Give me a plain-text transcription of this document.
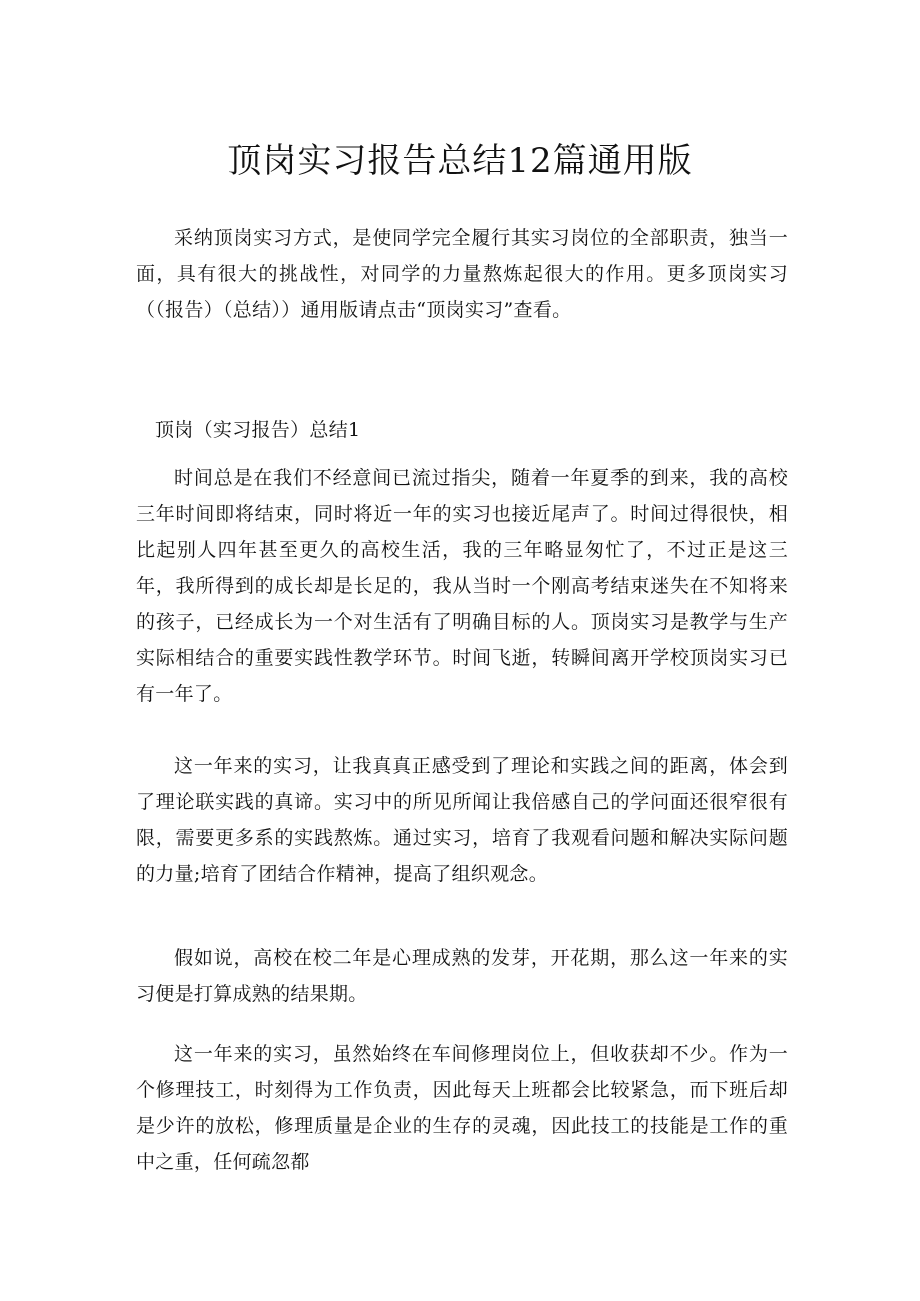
顶岗实习报告总结12篇通用版

采纳顶岗实习方式，是使同学完全履行其实习岗位的全部职责，独当一面，具有很大的挑战性，对同学的力量熬炼起很大的作用。更多顶岗实习（（报告）（总结））通用版请点击“顶岗实习”查看。

顶岗（实习报告）总结1

时间总是在我们不经意间已流过指尖，随着一年夏季的到来，我的高校三年时间即将结束，同时将近一年的实习也接近尾声了。时间过得很快，相比起别人四年甚至更久的高校生活，我的三年略显匆忙了，不过正是这三年，我所得到的成长却是长足的，我从当时一个刚高考结束迷失在不知将来的孩子，已经成长为一个对生活有了明确目标的人。顶岗实习是教学与生产实际相结合的重要实践性教学环节。时间飞逝，转瞬间离开学校顶岗实习已有一年了。

这一年来的实习，让我真真正感受到了理论和实践之间的距离，体会到了理论联实践的真谛。实习中的所见所闻让我倍感自己的学问面还很窄很有限，需要更多系的实践熬炼。通过实习，培育了我观看问题和解决实际问题的力量;培育了团结合作精神，提高了组织观念。

假如说，高校在校二年是心理成熟的发芽，开花期，那么这一年来的实习便是打算成熟的结果期。

这一年来的实习，虽然始终在车间修理岗位上，但收获却不少。作为一个修理技工，时刻得为工作负责，因此每天上班都会比较紧急，而下班后却是少许的放松，修理质量是企业的生存的灵魂，因此技工的技能是工作的重中之重，任何疏忽都
